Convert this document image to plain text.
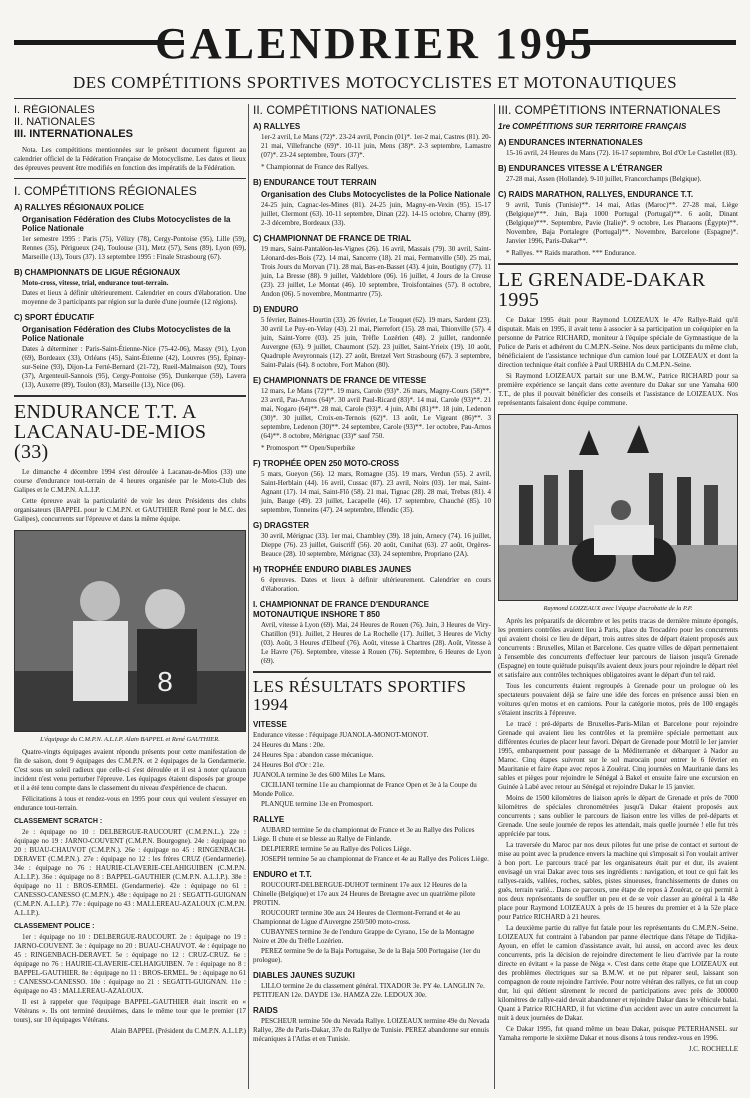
CALENDRIER 1995
DES COMPÉTITIONS SPORTIVES MOTOCYCLISTES ET MOTONAUTIQUES
I. RÉGIONALES
II. NATIONALES
III. INTERNATIONALES
Nota. Les compétitions mentionnées sur le présent document figurent au calendrier officiel de la Fédération Française de Motocyclisme. Les dates et lieux des épreuves peuvent être modifiés en fonction des impératifs de la Fédération.
I. COMPÉTITIONS RÉGIONALES
A) RALLYES RÉGIONAUX POLICE
Organisation Fédération des Clubs Motocyclistes de la Police Nationale
1er semestre 1995 : Paris (75), Vélizy (78), Cergy-Pontoise (95), Lille (59), Rennes (35), Périgueux (24), Toulouse (31), Metz (57), Sens (89), Lyon (69), Marseille (13), Tours (37). 13 septembre 1995 : Finale Strasbourg (67).
B) CHAMPIONNATS DE LIGUE RÉGIONAUX
Moto-cross, vitesse, trial, endurance tout-terrain.
Dates et lieux à définir ultérieurement. Calendrier en cours d'élaboration. Une moyenne de 3 participants par région sur la durée d'une journée (12 régions).
C) SPORT ÉDUCATIF
Organisation Fédération des Clubs Motocyclistes de la Police Nationale
Dates à déterminer : Paris-Saint-Étienne-Nice (75-42-06), Massy (91), Lyon (69), Bordeaux (33), Orléans (45), Saint-Étienne (42), Louvres (95), Épinay-sur-Seine (93), Dijon-La Ferté-Bernard (21-72), Rueil-Malmaison (92), Tours (37), Argenteuil-Sannois (95), Cergy-Pontoise (95), Dunkerque (59), Lavera (13), Auxerre (89), Toulon (83), Marseille (13), Nice (06).
ENDURANCE T.T. A LACANAU-DE-MIOS (33)
Le dimanche 4 décembre 1994 s'est déroulée à Lacanau-de-Mios (33) une course d'endurance tout-terrain de 4 heures organisée par le Moto-Club des Galipes et le C.M.P.N. A.L.I.P.
Cette épreuve avait la particularité de voir les deux Présidents des clubs organisateurs (BAPPEL pour le C.M.P.N. et GAUTHIER René pour le M.C. des Galipes), concurrents sur l'épreuve et dans la même équipe.
8
L'équipage du C.M.P.N. A.L.I.P. Alain BAPPEL et René GAUTHIER.
Quatre-vingts équipages avaient répondu présents pour cette manifestation de fin de saison, dont 9 équipages des C.M.P.N. et 2 équipages de la Gendarmerie. C'est sous un soleil radieux que celle-ci s'est déroulée et il est à noter qu'aucun incident n'est venu perturber l'épreuve. Les équipages étaient disposés par groupe et il a été tenu compte dans le classement du niveau d'expérience de chacun.
Félicitations à tous et rendez-vous en 1995 pour ceux qui veulent s'essayer en endurance tout-terrain.
CLASSEMENT SCRATCH :
2e : équipage no 10 : DELBERGUE-RAUCOURT (C.M.P.N.L.). 22e : équipage no 19 : JARNO-COUVENT (C.M.P.N. Bourgogne). 24e : équipage no 20 : BUAU-CHAUVOT (C.M.P.N.). 26e : équipage no 45 : RINGENBACH-DERAVET (C.M.P.N.). 27e : équipage no 12 : les frères CRUZ (Gendarmerie). 34e : équipage no 76 : HAURIE-CLAVERIE-CELAHIGUIBEN (C.M.P.N. A.L.I.P.). 36e : équipage no 8 : BAPPEL-GAUTHIER (C.M.P.N. A.L.I.P.). 38e : équipage no 11 : BROS-ERMEL (Gendarmerie). 42e : équipage no 61 : CANESSO-CANESSO (C.M.P.N.). 48e : équipage no 21 : SEGATTI-GUIGNAN (C.M.P.N. A.L.I.P.). 77e : équipage no 43 : MALLEREAU-AZALOUX (C.M.P.N. A.L.I.P.).
CLASSEMENT POLICE :
1er : équipage no 10 : DELBERGUE-RAUCOURT. 2e : équipage no 19 : JARNO-COUVENT. 3e : équipage no 20 : BUAU-CHAUVOT. 4e : équipage no 45 : RINGENBACH-DERAVET. 5e : équipage no 12 : CRUZ-CRUZ. 6e : équipage no 76 : HAURIE-CLAVERIE-CELHAIGUIBEN. 7e : équipage no 8 : BAPPEL-GAUTHIER. 8e : équipage no 11 : BROS-ERMEL. 9e : équipage no 61 : CANESSO-CANESSO. 10e : équipage no 21 : SEGATTI-GUIGNAN. 11e : équipage no 43 : MALLEREAU-AZALOUX.
Il est à rappeler que l'équipage BAPPEL-GAUTHIER était inscrit en « Vétérans ». Ils ont terminé deuxièmes, dans le même tour que le premier (17 tours), sur 10 équipages Vétérans.
Alain BAPPEL (Président du C.M.P.N. A.L.I.P.)
II. COMPÉTITIONS NATIONALES
A) RALLYES
1er-2 avril, Le Mans (72)*. 23-24 avril, Poncin (01)*. 1er-2 mai, Castres (81). 20-21 mai, Villefranche (69)*. 10-11 juin, Mens (38)*. 2-3 septembre, Lamastre (07)*. 23-24 septembre, Tours (37)*.
* Championnat de France des Rallyes.
B) ENDURANCE TOUT TERRAIN
Organisation des Clubs Motocyclistes de la Police Nationale
24-25 juin, Cagnac-les-Mines (81). 24-25 juin, Magny-en-Vexin (95). 15-17 juillet, Clermont (63). 10-11 septembre, Dinan (22). 14-15 octobre, Charny (89). 2-3 décembre, Bordeaux (33).
C) CHAMPIONNAT DE FRANCE DE TRIAL
19 mars, Saint-Pantaléon-les-Vignes (26). 16 avril, Massais (79). 30 avril, Saint-Léonard-des-Bois (72). 14 mai, Sancerre (18). 21 mai, Fermanville (50). 25 mai, Trois Jours du Morvan (71). 28 mai, Bas-en-Basset (43). 4 juin, Boutigny (77). 11 juin, La Bresse (88). 9 juillet, Valdeblore (06). 16 juillet, 4 Jours de la Creuse (23). 23 juillet, Le Montat (46). 10 septembre, Troisfontaines (57). 8 octobre, Andon (06). 5 novembre, Montmartre (75).
D) ENDURO
5 février, Baines-Hourtin (33). 26 février, Le Touquet (62). 19 mars, Sardent (23). 30 avril Le Puy-en-Velay (43). 21 mai, Pierrefort (15). 28 mai, Thionville (57). 4 juin, Saint-Yorre (03). 25 juin, Trèfle Lozérien (48). 2 juillet, randonnée Auvergne (63). 9 juillet, Chaumont (52). 23 juillet, Saint-Yrieix (19). 10 août, Quadruple Aveyronnais (12). 27 août, Bretzel Vert Strasbourg (67). 3 septembre, Saint-Palais (64). 8 octobre, Fort Mahon (80).
E) CHAMPIONNATS DE FRANCE DE VITESSE
12 mars, Le Mans (72)**. 19 mars, Carole (93)*. 26 mars, Magny-Cours (58)**. 23 avril, Pau-Arnos (64)*. 30 avril Paul-Ricard (83)*. 14 mai, Carole (93)**. 21 mai, Nogaro (64)**. 28 mai, Carole (93)*. 4 juin, Albi (81)**. 18 juin, Ledenon (30)*. 30 juillet, Croix-en-Ternois (62)*. 13 août, Le Vigeant (86)**. 3 septembre, Ledenon (30)**. 24 septembre, Carole (93)**. 1er octobre, Pau-Arnos (64)**. 8 octobre, Mérignac (33)* sauf 750.
* Promosport ** Open/Superbike
F) TROPHÉE OPEN 250 MOTO-CROSS
5 mars, Gueyon (56). 12 mars, Romagne (35). 19 mars, Verdun (55). 2 avril, Saint-Herblain (44). 16 avril, Cussac (87). 23 avril, Noirs (03). 1er mai, Saint-Agnant (17). 14 mai, Saint-Flô (58). 21 mai, Tignac (28). 28 mai, Trebas (81). 4 juin, Bauge (49). 23 juillet, Lacapelle (46). 17 septembre, Chauché (85). 10 septembre, Tonneins (47). 24 septembre, Iffendic (35).
G) DRAGSTER
30 avril, Mérignac (33). 1er mai, Chambley (39). 18 juin, Arnecy (74). 16 juillet, Dieppe (76). 23 juillet, Guiscriff (56). 20 août, Cunihat (63). 27 août, Orgères-Beauce (28). 10 septembre, Mérignac (33). 24 septembre, Propriano (2A).
H) TROPHÉE ENDURO DIABLES JAUNES
6 épreuves. Dates et lieux à définir ultérieurement. Calendrier en cours d'élaboration.
I. CHAMPIONNAT DE FRANCE D'ENDURANCE MOTONAUTIQUE INSHORE T 850
Avril, vitesse à Lyon (69). Mai, 24 Heures de Rouen (76). Juin, 3 Heures de Viry-Chatillon (91). Juillet, 2 Heures de La Rochelle (17). Juillet, 3 Heures de Vichy (03). Août, 3 Heures d'Elbeuf (76). Août, vitesse à Chartres (28). Août, Vitesse à Le Havre (76). Septembre, vitesse à Rouen (76). Septembre, 6 Heures de Lyon (69).
LES RÉSULTATS SPORTIFS 1994
VITESSE
Endurance vitesse : l'équipage JUANOLA-MONOT-MONOT.
24 Heures du Mans : 20e.
24 Heures Spa : abandon casse mécanique.
24 Heures Bol d'Or : 21e.
JUANOLA termine 3e des 600 Miles Le Mans.
CICILIANI termine 11e au championnat de France Open et 3e à la Coupe du Monde Police.
PLANQUE termine 13e en Promosport.
RALLYE
AUBARD termine 5e du championnat de France et 3e au Rallye des Polices Liège. Il chute et se blesse au Rallye de Finlande.
DELPIERRE termine 5e au Rallye des Polices Liège.
JOSEPH termine 5e au championnat de France et 4e au Rallye des Polices Liège.
ENDURO et T.T.
ROUCOURT-DELBERGUE-DUHOT terminent 17e aux 12 Heures de la Chinelle (Belgique) et 17e aux 24 Heures de Bretagne avec un quatrième pilote PROTIN.
ROUCOURT termine 30e aux 24 Heures de Clermont-Ferrand et 4e au Championnat de Ligue d'Auvergne 250/500 moto-cross.
CUBAYNES termine 3e de l'enduro Grappe de Cyrano, 15e de la Montagne Noire et 20e du Trèfle Lozérien.
PEREZ termine 9e de la Baja Portugaise, 3e de la Baja 500 Portugaise (1er du prologue).
DIABLES JAUNES SUZUKI
LILLO termine 2e du classement général. TIXADOR 3e. PY 4e. LANGLIN 7e. PETITJEAN 12e. DAYDE 13e. HAMZA 22e. LEDOUX 30e.
RAIDS
PESCHEUR termine 50e du Nevada Rallye. LOIZEAUX termine 49e du Nevada Rallye, 28e du Paris-Dakar, 37e du Rallye de Tunisie. PEREZ abandonne sur ennuis mécaniques à l'Atlas et en Tunisie.
III. COMPÉTITIONS INTERNATIONALES
1re COMPÉTITIONS SUR TERRITOIRE FRANÇAIS
A) ENDURANCES INTERNATIONALES
15-16 avril, 24 Heures du Mans (72). 16-17 septembre, Bol d'Or Le Castellet (83).
B) ENDURANCES VITESSE A L'ÉTRANGER
27-28 mai, Assen (Hollande). 9-10 juillet, Francorchamps (Belgique).
C) RAIDS MARATHON, RALLYES, ENDURANCE T.T.
9 avril, Tunis (Tunisie)**. 14 mai, Atlas (Maroc)**. 27-28 mai, Liège (Belgique)***. Juin, Baja 1000 Portugal (Portugal)**. 6 août, Dinant (Belgique)***. Septembre, Pavie (Italie)*. 9 octobre, Les Pharaons (Égypte)**. Novembre, Baja Portalegre (Portugal)**. Novembre, Barcelone (Espagne)*. Janvier 1996, Paris-Dakar**.
* Rallyes. ** Raids marathon. *** Endurance.
LE GRENADE-DAKAR 1995
Ce Dakar 1995 était pour Raymond LOIZEAUX le 47e Rallye-Raid qu'il disputait. Mais en 1995, il avait tenu à associer à sa participation un coéquipier en la personne de Patrice RICHARD, moniteur à l'équipe spéciale de Gymnastique de la Police de Paris et adhérent du C.M.P.N.-Seine. Nos deux participants du même club, bénéficiaient de l'assistance technique d'un camion loué par LOIZEAUX et dont la direction technique était confiée à Paul URBHIA du C.M.P.N.-Seine.
Si Raymond LOIZEAUX partait sur une B.M.W., Patrice RICHARD pour sa première expérience se lançait dans cette aventure du Dakar sur une Yamaha 600 T.T., de plus il pouvait bénéficier des conseils et l'assistance de LOIZEAUX. Nos représentants faisaient donc équipe commune.
Raymond LOIZEAUX avec l'équipe d'acrobatie de la P.P.
Après les préparatifs de décembre et les petits tracas de dernière minute épongés, les premiers contrôles avaient lieu à Paris, place du Trocadéro pour les concurrents qui avaient choisi ce lieu de départ, trois autres sites de départ étaient proposés aux concurrents : Bruxelles, Milan et Barcelone. Ces quatre villes de départ permettaient à l'ensemble des concurrents d'effectuer leur parcours de liaison jusqu'à Grenade (Espagne) en toute quiétude puisqu'ils avaient deux jours pour rejoindre le départ réel et satisfaire aux contrôles techniques obligatoires avant le départ d'un tel raid.
Tous les concurrents étaient regroupés à Grenade pour un prologue où les spectateurs pouvaient déjà se faire une idée des forces en présence aussi bien en voitures qu'en motos et en camions. Pour la catégorie motos, près de 100 engagés s'étaient inscrits à l'épreuve.
Le tracé : pré-départs de Bruxelles-Paris-Milan et Barcelone pour rejoindre Grenade qui avaient lieu les contrôles et la première spéciale permettant aux différentes écuries de placer leur favori. Départ de Grenade pour Motril le 1er janvier 1995, embarquement pour passage de la Méditerranée et débarquer à Nador au Maroc. Cinq étapes suivront sur le sol marocain pour entrer le 6 février en Mauritanie et faire étape avec repos à Zouérat. Cinq journées en Mauritanie dans les sables et pièges pour rejoindre le Sénégal à Bakel et ensuite faire une excursion en Guinée à Labé avec retour au Sénégal et rejoindre Dakar le 15 janvier.
Moins de 1500 kilomètres de liaison après le départ de Grenade et près de 7000 kilomètres de spéciales chronométrées jusqu'à Dakar étaient proposés aux concurrents ; sans oublier le parcours de liaison entre les villes de pré-départs et Grenade. Une seule journée de repos les attendait, mais quelle journée ! elle fut très appréciée par tous.
La traversée du Maroc par nos deux pilotes fut une prise de contact et surtout de mise au point avec la prudence envers la machine qui s'imposait si l'on voulait arriver à bon port. Le parcours tracé par les organisateurs était pur et dur, ils avaient envisagé un vrai Dakar avec tous ses ingrédients : navigation, et tout ce qui fait les rallyes-raids, vallées, roches, sables, pistes sinueuses, franchissements de dunes ou gués, terrain varié... Dans ce parcours, une étape de repos à Zouérat, ce qui permit à nos deux représentants de souffler un peu et de se voir classer au général à la 48e place pour Raymond LOIZEAUX à près de 15 heures du premier et à la 52e place pour Patrice RICHARD à 21 heures.
La deuxième partie du rallye fut fatale pour les représentants du C.M.P.N.-Seine. LOIZEAUX fut contraint à l'abandon par panne électrique dans l'étape de Tidjika-Ayoun, en effet le camion d'assistance avait, lui aussi, en accord avec les deux concurrents, pris la décision de rejoindre directement le lieu d'arrivée par la route directe en évitant « la passe de Néga ». C'est dans cette étape que LOIZEAUX eut des problèmes électriques sur sa B.M.W. et ne put réparer seul, laissant son compagnon de route rejoindre l'arrivée. Pour notre vétéran des rallyes, ce fut un coup dur, lui qui détient sûrement le record de participations avec près de 300000 kilomètres de rallye-raid devait abandonner et rejoindre Dakar dans le véhicule balai. Quant à Patrice RICHARD, il fut victime d'un accident avec un autre concurrent la nuit à deux journées de Dakar.
Ce Dakar 1995, fut quand même un beau Dakar, puisque PETERHANSEL sur Yamaha remporte le sixième Dakar et nous disons à tous rendez-vous en 1996.
J.C. ROCHELLE
